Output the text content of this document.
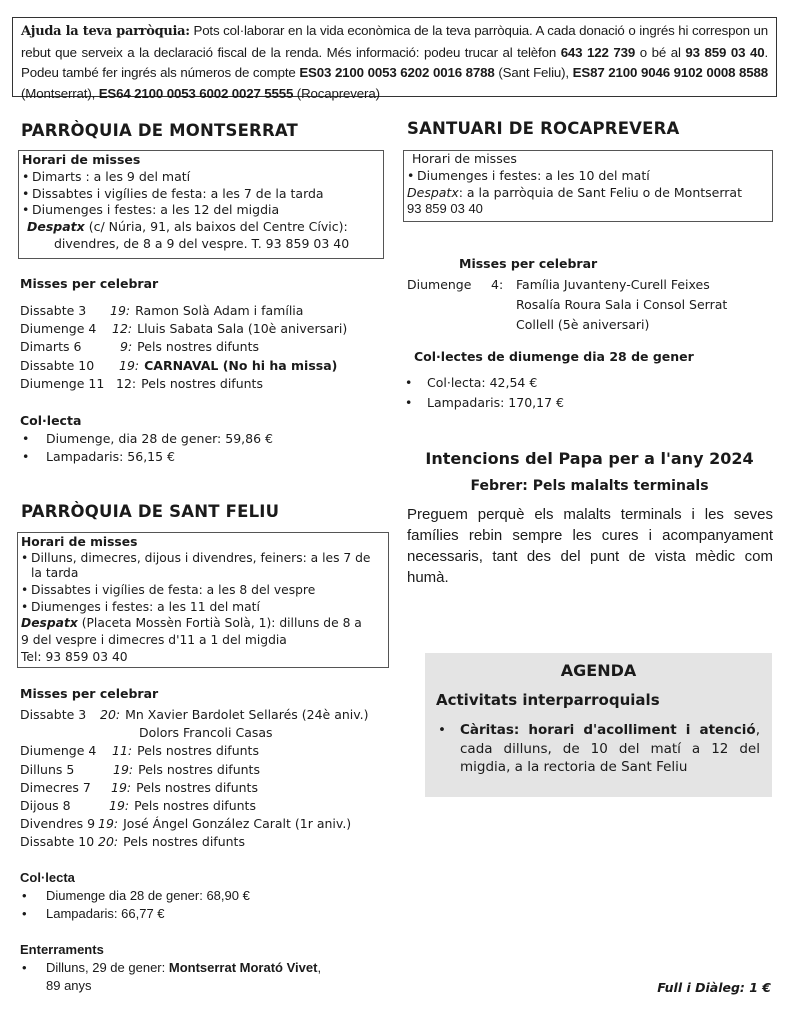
Ajuda la teva parròquia: Pots col·laborar en la vida econòmica de la teva parròquia. A cada donació o ingrés hi correspon un rebut que serveix a la declaració fiscal de la renda. Més informació: podeu trucar al telèfon 643 122 739 o bé al 93 859 03 40. Podeu també fer ingrés als números de compte ES03 2100 0053 6202 0016 8788 (Sant Feliu), ES87 2100 9046 9102 0008 8588 (Montserrat), ES64 2100 0053 6002 0027 5555 (Rocaprevera)
PARRÒQUIA DE MONTSERRAT
Horari de misses
• Dimarts : a les 9 del matí
• Dissabtes i vigílies de festa: a les 7 de la tarda
• Diumenges i festes: a les 12 del migdia
Despatx (c/ Núria, 91, als baixos del Centre Cívic):
divendres, de 8 a 9 del vespre. T. 93 859 03 40
Misses per celebrar
Dissabte 3	19: Ramon Solà Adam i família
Diumenge 4	12: Lluis Sabata Sala (10è aniversari)
Dimarts 6	9: Pels nostres difunts
Dissabte 10	19: CARNAVAL (No hi ha missa)
Diumenge 11 12: Pels nostres difunts
Col·lecta
• Diumenge, dia 28 de gener: 59,86 €
• Lampadaris: 56,15 €
PARRÒQUIA DE SANT FELIU
Horari de misses
• Dilluns, dimecres, dijous i divendres, feiners: a les 7 de
la tarda
• Dissabtes i vigílies de festa: a les 8 del vespre
• Diumenges i festes: a les 11 del matí
Despatx (Placeta Mossèn Fortià Solà, 1): dilluns de 8 a
9 del vespre i dimecres d'11 a 1 del migdia
Tel: 93 859 03 40
Misses per celebrar
Dissabte 3	20: Mn Xavier Bardolet Sellarés (24è aniv.)
Dolors Francoli Casas
Diumenge 4	11: Pels nostres difunts
Dilluns 5	19: Pels nostres difunts
Dimecres 7	19: Pels nostres difunts
Dijous 8	19: Pels nostres difunts
Divendres 9 19: José Ángel González Caralt (1r aniv.)
Dissabte 10 20: Pels nostres difunts
Col·lecta
• Diumenge dia 28 de gener: 68,90 €
• Lampadaris: 66,77 €
Enterraments
• Dilluns, 29 de gener: Montserrat Morató Vivet,
89 anys
SANTUARI DE ROCAPREVERA
Horari de misses
• Diumenges i festes: a les 10 del matí
Despatx: a la parròquia de Sant Feliu o de Montserrat
93 859 03 40
Misses per celebrar
Diumenge	4:	Família Juvanteny-Curell Feixes
Rosalía Roura Sala i Consol Serrat
Collell (5è aniversari)
Col·lectes de diumenge dia 28 de gener
• Col·lecta: 42,54 €
• Lampadaris: 170,17 €
Intencions del Papa per a l'any 2024
Febrer: Pels malalts terminals
Preguem perquè els malalts terminals i les seves famílies rebin sempre les cures i acompanyament necessaris, tant des del punt de vista mèdic com humà.
AGENDA
Activitats interparroquials
• Càritas: horari d'acolliment i atenció, cada dilluns, de 10 del matí a 12 del migdia, a la rectoria de Sant Feliu
Full i Diàleg: 1 €
